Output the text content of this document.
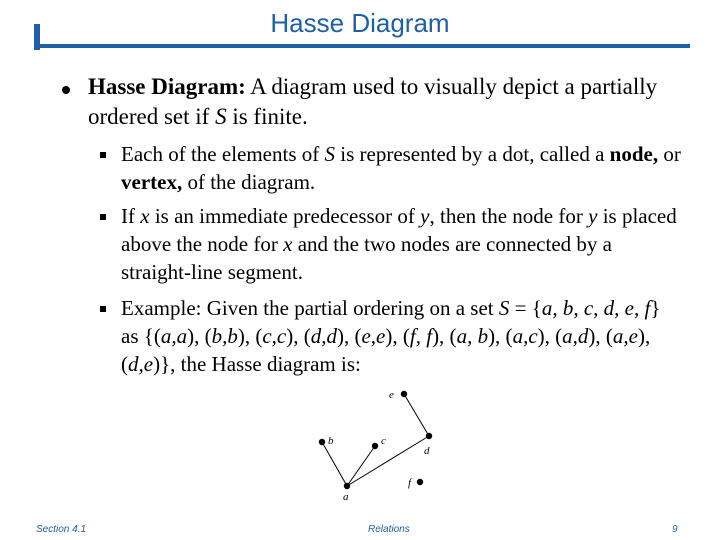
Hasse Diagram
Hasse Diagram: A diagram used to visually depict a partially ordered set if S is finite.
Each of the elements of S is represented by a dot, called a node, or vertex, of the diagram.
If x is an immediate predecessor of y, then the node for y is placed above the node for x and the two nodes are connected by a straight-line segment.
Example: Given the partial ordering on a set S = {a, b, c, d, e, f} as {(a,a), (b,b), (c,c), (d,d), (e,e), (f, f), (a, b), (a,c), (a,d), (a,e), (d,e)}, the Hasse diagram is:
e
b	c
d
a
f
Section 4.1	Relations	9
